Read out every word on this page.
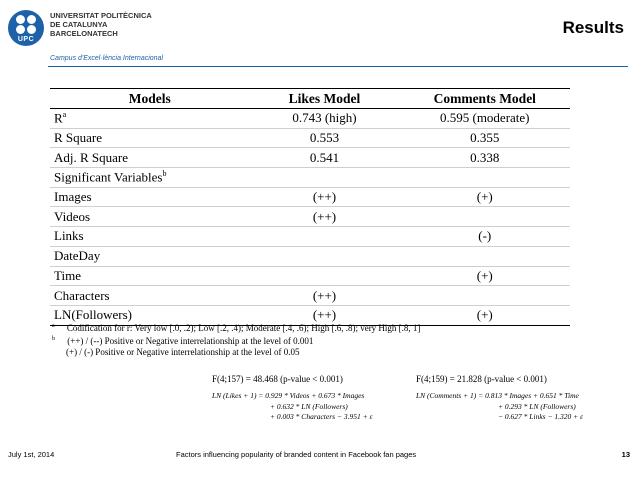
UPC
UNIVERSITAT POLITÈCNICA
DE CATALUNYA
BARCELONATECH
Campus d'Excel·lència Internacional
Results
Models	Likes Model	Comments Model
$R^a$	0.743 (high)	0.595 (moderate)
R Square	0.553	0.355
Adj. R Square	0.541	0.338
Significant Variables$^b$		
Images	(++)	(+)
Videos	(++)	
Links		(-)
DateDay		
Time		(+)
Characters	(++)	
LN(Followers)	(++)	(+)
$^a$ Codification for r: Very low [.0, .2); Low [.2, .4); Moderate [.4, .6); High [.6, .8); very High [.8, 1]
$^b$ (++) / (--) Positive or Negative interrelationship at the level of 0.001
(+) / (-) Positive or Negative interrelationship at the level of 0.05
F(4;157) = 48.468 (p-value < 0.001)	F(4;159) = 21.828 (p-value < 0.001)
LN (Likes + 1) = 0.929 * Videos + 0.673 * Images
+ 0.632 * LN (Followers)
+ 0.003 * Characters − 3.951 + ε
LN (Comments + 1) = 0.813 * Images + 0.651 * Time
+ 0.293 * LN (Followers)
− 0.627 * Links − 1.320 + ε
July 1st, 2014	Factors influencing popularity of branded content in Facebook fan pages	13
